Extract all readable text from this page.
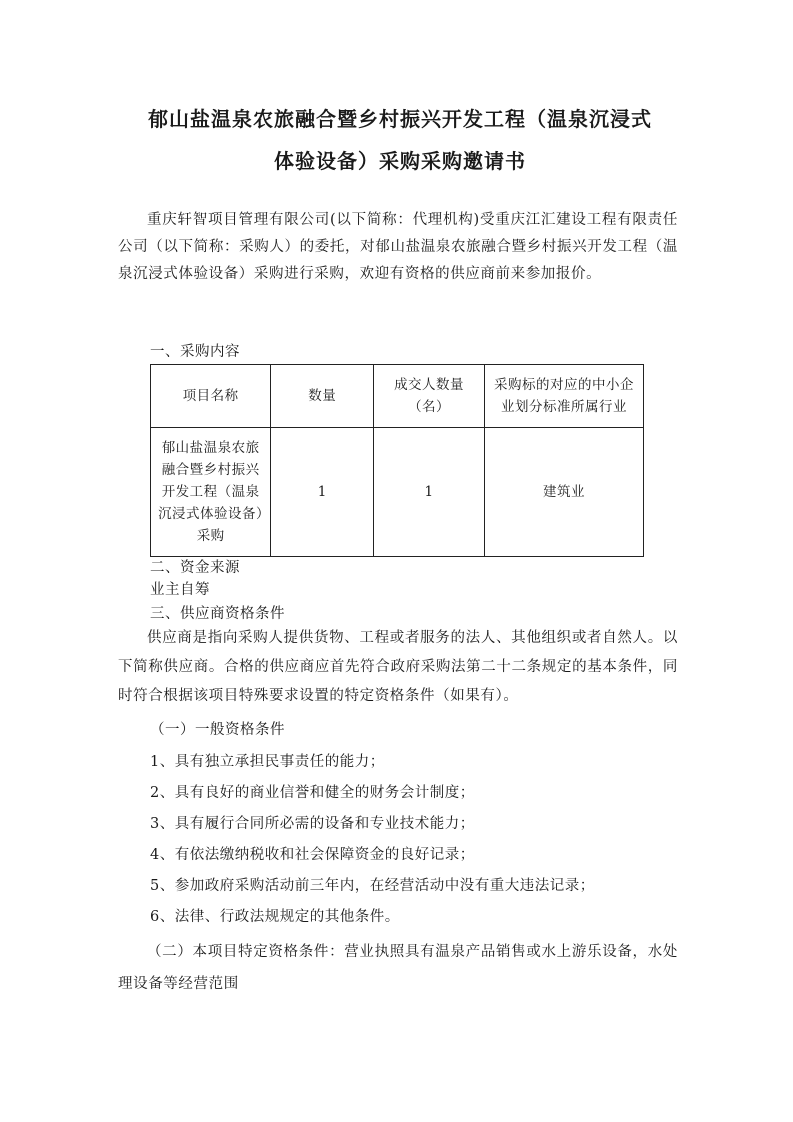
郁山盐温泉农旅融合暨乡村振兴开发工程（温泉沉浸式
体验设备）采购采购邀请书
重庆轩智项目管理有限公司(以下简称：代理机构)受重庆江汇建设工程有限责任公司（以下简称：采购人）的委托，对郁山盐温泉农旅融合暨乡村振兴开发工程（温泉沉浸式体验设备）采购进行采购，欢迎有资格的供应商前来参加报价。
一、采购内容
项目名称	数量	成交人数量（名）	采购标的对应的中小企业划分标准所属行业
郁山盐温泉农旅融合暨乡村振兴开发工程（温泉沉浸式体验设备）采购	1	1	建筑业
二、资金来源
业主自筹
三、供应商资格条件
供应商是指向采购人提供货物、工程或者服务的法人、其他组织或者自然人。以下简称供应商。合格的供应商应首先符合政府采购法第二十二条规定的基本条件，同时符合根据该项目特殊要求设置的特定资格条件（如果有）。
（一）一般资格条件
1、具有独立承担民事责任的能力；
2、具有良好的商业信誉和健全的财务会计制度；
3、具有履行合同所必需的设备和专业技术能力；
4、有依法缴纳税收和社会保障资金的良好记录；
5、参加政府采购活动前三年内，在经营活动中没有重大违法记录；
6、法律、行政法规规定的其他条件。
（二）本项目特定资格条件：营业执照具有温泉产品销售或水上游乐设备，水处理设备等经营范围
